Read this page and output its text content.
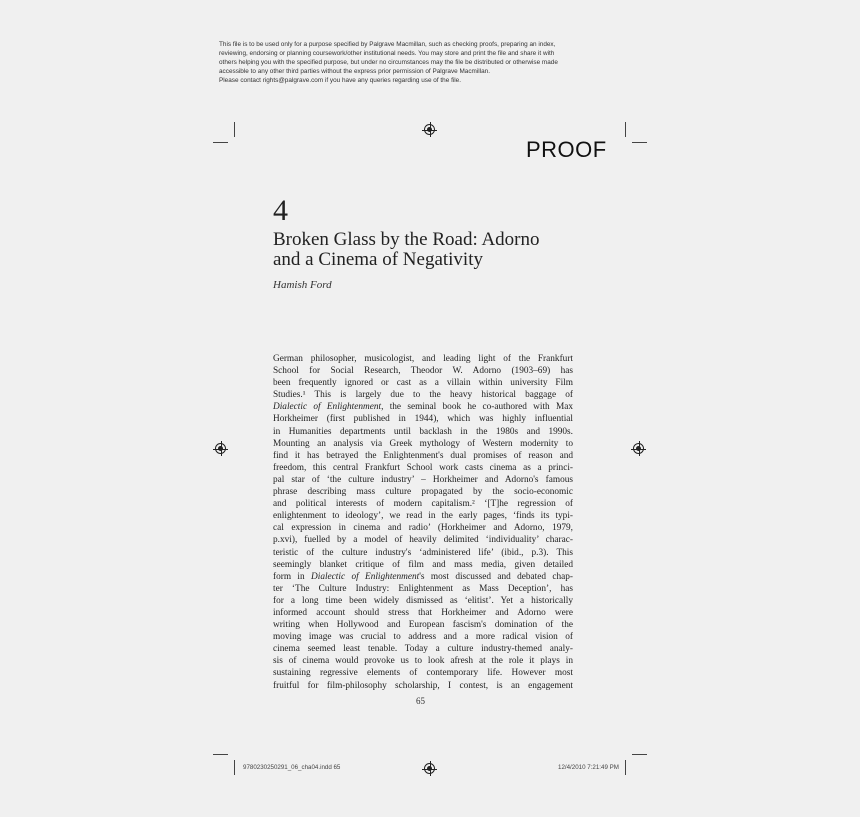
This file is to be used only for a purpose specified by Palgrave Macmillan, such as checking proofs, preparing an index,
reviewing, endorsing or planning coursework/other institutional needs. You may store and print the file and share it with
others helping you with the specified purpose, but under no circumstances may the file be distributed or otherwise made
accessible to any other third parties without the express prior permission of Palgrave Macmillan.
Please contact rights@palgrave.com if you have any queries regarding use of the file.
PROOF
4
Broken Glass by the Road: Adorno
and a Cinema of Negativity
Hamish Ford
German philosopher, musicologist, and leading light of the Frankfurt
School for Social Research, Theodor W. Adorno (1903–69) has
been frequently ignored or cast as a villain within university Film
Studies.¹ This is largely due to the heavy historical baggage of
Dialectic of Enlightenment, the seminal book he co-authored with Max
Horkheimer (first published in 1944), which was highly influential
in Humanities departments until backlash in the 1980s and 1990s.
Mounting an analysis via Greek mythology of Western modernity to
find it has betrayed the Enlightenment's dual promises of reason and
freedom, this central Frankfurt School work casts cinema as a princi-
pal star of ‘the culture industry’ – Horkheimer and Adorno's famous
phrase describing mass culture propagated by the socio-economic
and political interests of modern capitalism.² ‘[T]he regression of
enlightenment to ideology’, we read in the early pages, ‘finds its typi-
cal expression in cinema and radio’ (Horkheimer and Adorno, 1979,
p.xvi), fuelled by a model of heavily delimited ‘individuality’ charac-
teristic of the culture industry's ‘administered life’ (ibid., p.3). This
seemingly blanket critique of film and mass media, given detailed
form in Dialectic of Enlightenment's most discussed and debated chap-
ter ‘The Culture Industry: Enlightenment as Mass Deception’, has
for a long time been widely dismissed as ‘elitist’. Yet a historically
informed account should stress that Horkheimer and Adorno were
writing when Hollywood and European fascism's domination of the
moving image was crucial to address and a more radical vision of
cinema seemed least tenable. Today a culture industry-themed analy-
sis of cinema would provoke us to look afresh at the role it plays in
sustaining regressive elements of contemporary life. However most
fruitful for film-philosophy scholarship, I contest, is an engagement
65
9780230250291_06_cha04.indd 65	12/4/2010 7:21:49 PM
